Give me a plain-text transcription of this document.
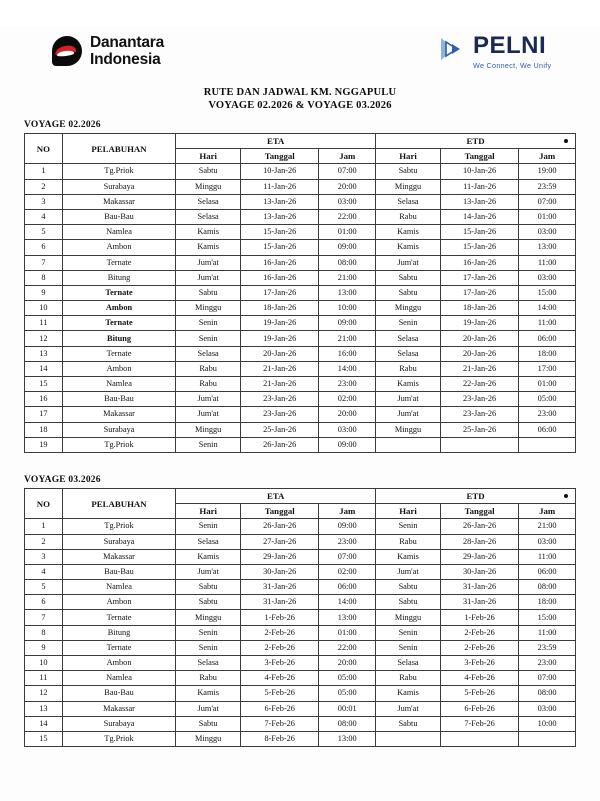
Danantara
Indonesia
PELNI
We Connect, We Unify
RUTE DAN JADWAL KM. NGGAPULU
VOYAGE 02.2026 & VOYAGE 03.2026
VOYAGE 02.2026
NO	PELABUHAN	ETA			ETD		

		Hari	Tanggal	Jam	Hari	Tanggal	Jam
1	Tg.Priok	Sabtu	10-Jan-26	07:00	Sabtu	10-Jan-26	19:00
2	Surabaya	Minggu	11-Jan-26	20:00	Minggu	11-Jan-26	23:59
3	Makassar	Selasa	13-Jan-26	03:00	Selasa	13-Jan-26	07:00
4	Bau-Bau	Selasa	13-Jan-26	22:00	Rabu	14-Jan-26	01:00
5	Namlea	Kamis	15-Jan-26	01:00	Kamis	15-Jan-26	03:00
6	Ambon	Kamis	15-Jan-26	09:00	Kamis	15-Jan-26	13:00
7	Ternate	Jum'at	16-Jan-26	08:00	Jum'at	16-Jan-26	11:00
8	Bitung	Jum'at	16-Jan-26	21:00	Sabtu	17-Jan-26	03:00
9	Ternate	Sabtu	17-Jan-26	13:00	Sabtu	17-Jan-26	15:00
10	Ambon	Minggu	18-Jan-26	10:00	Minggu	18-Jan-26	14:00
11	Ternate	Senin	19-Jan-26	09:00	Senin	19-Jan-26	11:00
12	Bitung	Senin	19-Jan-26	21:00	Selasa	20-Jan-26	06:00
13	Ternate	Selasa	20-Jan-26	16:00	Selasa	20-Jan-26	18:00
14	Ambon	Rabu	21-Jan-26	14:00	Rabu	21-Jan-26	17:00
15	Namlea	Rabu	21-Jan-26	23:00	Kamis	22-Jan-26	01:00
16	Bau-Bau	Jum'at	23-Jan-26	02:00	Jum'at	23-Jan-26	05:00
17	Makassar	Jum'at	23-Jan-26	20:00	Jum'at	23-Jan-26	23:00
18	Surabaya	Minggu	25-Jan-26	03:00	Minggu	25-Jan-26	06:00
19	Tg.Priok	Senin	26-Jan-26	09:00			
VOYAGE 03.2026
NO	PELABUHAN	ETA			ETD		

		Hari	Tanggal	Jam	Hari	Tanggal	Jam
1	Tg.Priok	Senin	26-Jan-26	09:00	Senin	26-Jan-26	21:00
2	Surabaya	Selasa	27-Jan-26	23:00	Rabu	28-Jan-26	03:00
3	Makassar	Kamis	29-Jan-26	07:00	Kamis	29-Jan-26	11:00
4	Bau-Bau	Jum'at	30-Jan-26	02:00	Jum'at	30-Jan-26	06:00
5	Namlea	Sabtu	31-Jan-26	06:00	Sabtu	31-Jan-26	08:00
6	Ambon	Sabtu	31-Jan-26	14:00	Sabtu	31-Jan-26	18:00
7	Ternate	Minggu	1-Feb-26	13:00	Minggu	1-Feb-26	15:00
8	Bitung	Senin	2-Feb-26	01:00	Senin	2-Feb-26	11:00
9	Ternate	Senin	2-Feb-26	22:00	Senin	2-Feb-26	23:59
10	Ambon	Selasa	3-Feb-26	20:00	Selasa	3-Feb-26	23:00
11	Namlea	Rabu	4-Feb-26	05:00	Rabu	4-Feb-26	07:00
12	Bau-Bau	Kamis	5-Feb-26	05:00	Kamis	5-Feb-26	08:00
13	Makassar	Jum'at	6-Feb-26	00:01	Jum'at	6-Feb-26	03:00
14	Surabaya	Sabtu	7-Feb-26	08:00	Sabtu	7-Feb-26	10:00
15	Tg.Priok	Minggu	8-Feb-26	13:00			
